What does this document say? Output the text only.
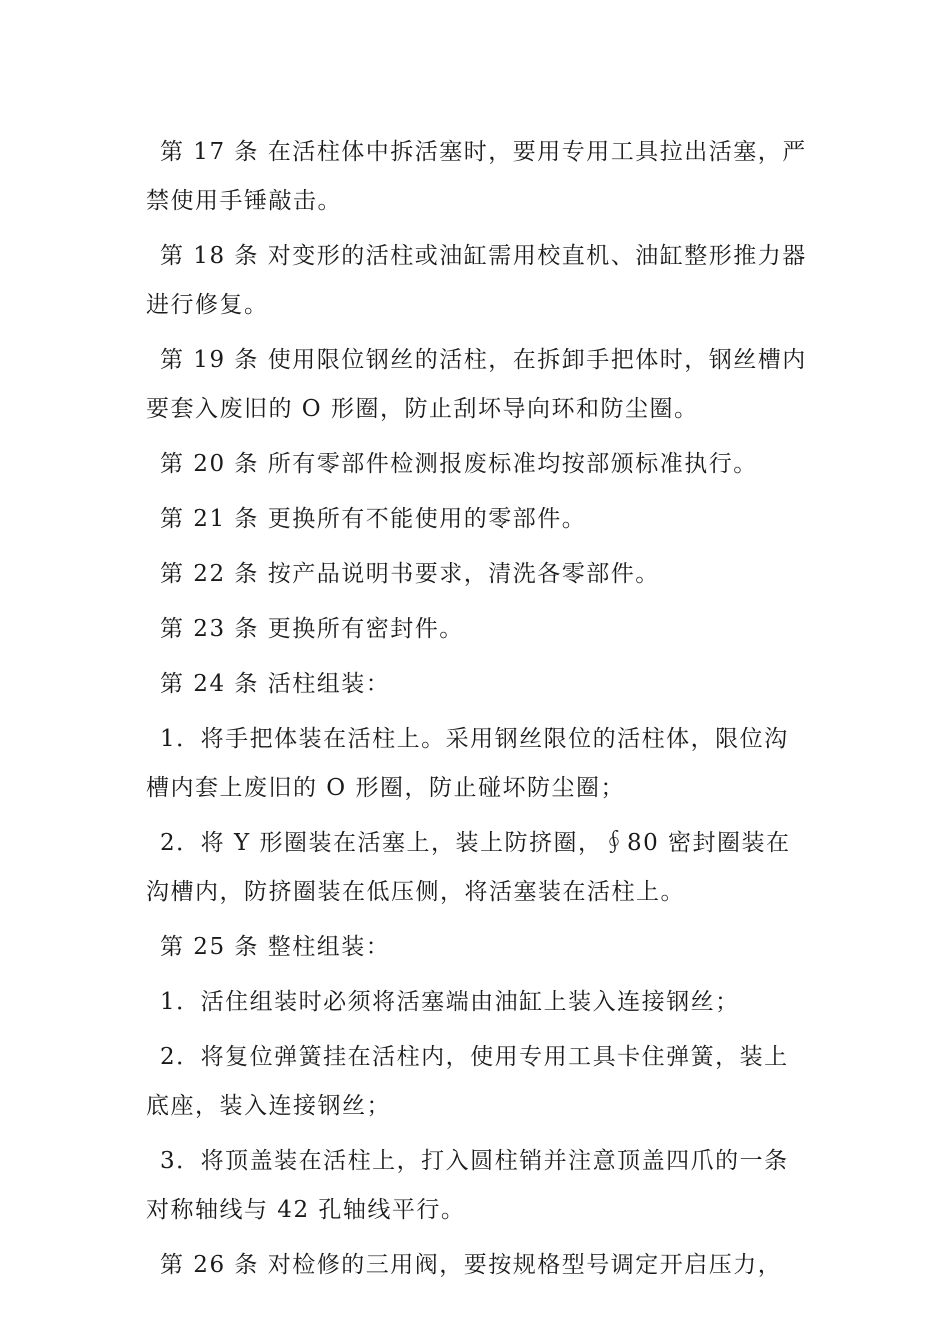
第 17 条 在活柱体中拆活塞时，要用专用工具拉出活塞，严禁使用手锤敲击。

第 18 条 对变形的活柱或油缸需用校直机、油缸整形推力器进行修复。

第 19 条 使用限位钢丝的活柱，在拆卸手把体时，钢丝槽内要套入废旧的 O 形圈，防止刮坏导向环和防尘圈。

第 20 条 所有零部件检测报废标准均按部颁标准执行。

第 21 条 更换所有不能使用的零部件。

第 22 条 按产品说明书要求，清洗各零部件。

第 23 条 更换所有密封件。

第 24 条 活柱组装：

1．将手把体装在活柱上。采用钢丝限位的活柱体，限位沟槽内套上废旧的 O 形圈，防止碰坏防尘圈；

2．将 Y 形圈装在活塞上，装上防挤圈，∮80 密封圈装在沟槽内，防挤圈装在低压侧，将活塞装在活柱上。

第 25 条 整柱组装：

1．活住组装时必须将活塞端由油缸上装入连接钢丝；

2．将复位弹簧挂在活柱内，使用专用工具卡住弹簧，装上底座，装入连接钢丝；

3．将顶盖装在活柱上，打入圆柱销并注意顶盖四爪的一条对称轴线与 42 孔轴线平行。

第 26 条 对检修的三用阀，要按规格型号调定开启压力，
